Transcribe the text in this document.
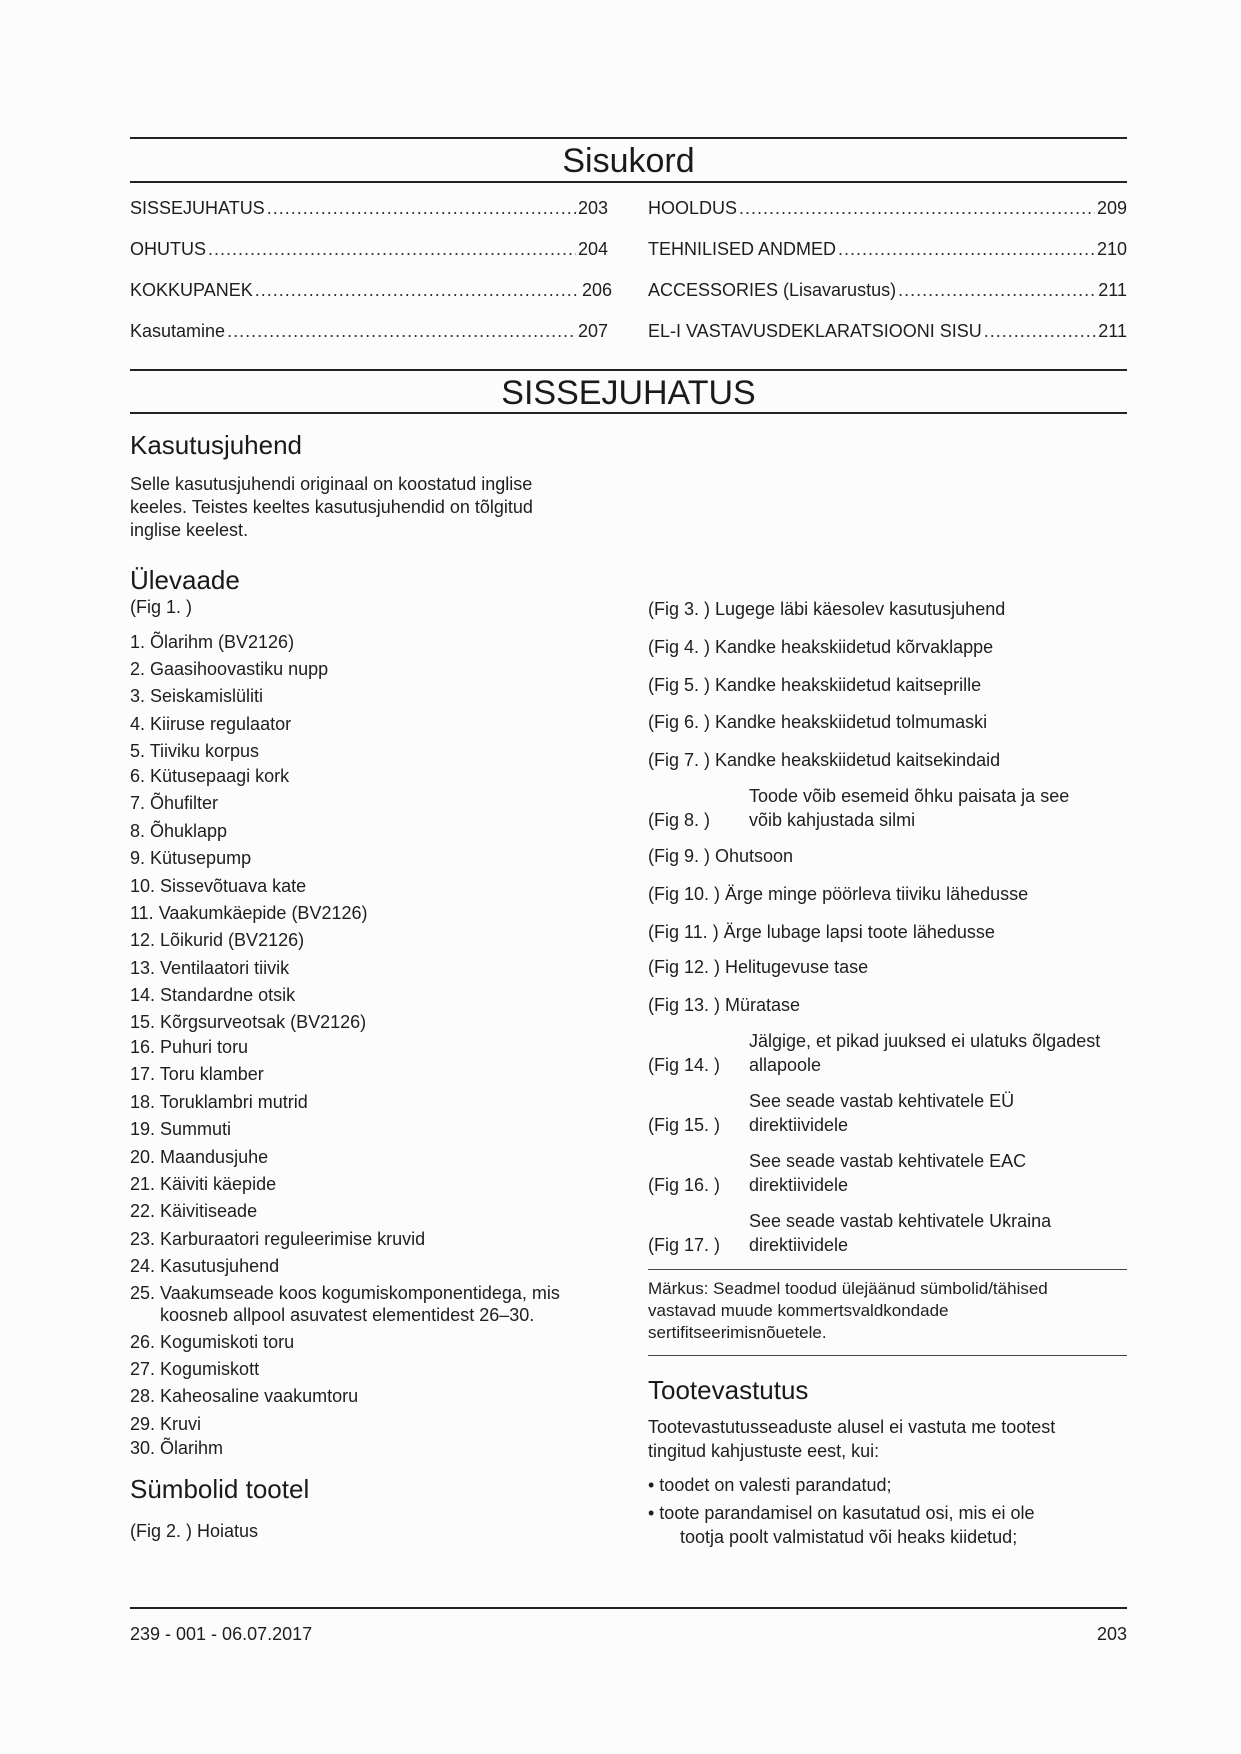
Sisukord
SISSEJUHATUS .....	203
OHUTUS .....	204
KOKKUPANEK .....	206
Kasutamine .....	207
HOOLDUS .....	209
TEHNILISED ANDMED .....	210
ACCESSORIES (Lisavarustus) .....	211
EL-I VASTAVUSDEKLARATSIOONI SISU .....	211
SISSEJUHATUS
Kasutusjuhend
Selle kasutusjuhendi originaal on koostatud inglise
keeles. Teistes keeltes kasutusjuhendid on tõlgitud
inglise keelest.
Ülevaade
(Fig 1. )
1. Õlarihm (BV2126)
2. Gaasihoovastiku nupp
3. Seiskamislüliti
4. Kiiruse regulaator
5. Tiiviku korpus
6. Kütusepaagi kork
7. Õhufilter
8. Õhuklapp
9. Kütusepump
10. Sissevõtuava kate
11. Vaakumkäepide (BV2126)
12. Lõikurid (BV2126)
13. Ventilaatori tiivik
14. Standardne otsik
15. Kõrgsurveotsak (BV2126)
16. Puhuri toru
17. Toru klamber
18. Toruklambri mutrid
19. Summuti
20. Maandusjuhe
21. Käiviti käepide
22. Käivitiseade
23. Karburaatori reguleerimise kruvid
24. Kasutusjuhend
25. Vaakumseade koos kogumiskomponentidega, mis
koosneb allpool asuvatest elementidest 26–30.
26. Kogumiskoti toru
27. Kogumiskott
28. Kaheosaline vaakumtoru
29. Kruvi
30. Õlarihm
Sümbolid tootel
(Fig 2. ) Hoiatus
(Fig 3. ) Lugege läbi käesolev kasutusjuhend
(Fig 4. ) Kandke heakskiidetud kõrvaklappe
(Fig 5. ) Kandke heakskiidetud kaitseprille
(Fig 6. ) Kandke heakskiidetud tolmumaski
(Fig 7. ) Kandke heakskiidetud kaitsekindaid
(Fig 8. )
Toode võib esemeid õhku paisata ja see
võib kahjustada silmi
(Fig 9. ) Ohutsoon
(Fig 10. ) Ärge minge pöörleva tiiviku lähedusse
(Fig 11. ) Ärge lubage lapsi toote lähedusse
(Fig 12. ) Helitugevuse tase
(Fig 13. ) Müratase
(Fig 14. )
Jälgige, et pikad juuksed ei ulatuks õlgadest
allapoole
(Fig 15. )
See seade vastab kehtivatele EÜ
direktiividele
(Fig 16. )
See seade vastab kehtivatele EAC
direktiividele
(Fig 17. )
See seade vastab kehtivatele Ukraina
direktiividele
Märkus: Seadmel toodud ülejäänud sümbolid/tähised
vastavad muude kommertsvaldkondade
sertifitseerimisnõuetele.
Tootevastutus
Tootevastutusseaduste alusel ei vastuta me tootest
tingitud kahjustuste eest, kui:
• toodet on valesti parandatud;
• toote parandamisel on kasutatud osi, mis ei ole
tootja poolt valmistatud või heaks kiidetud;
239 - 001 - 06.07.2017	203
